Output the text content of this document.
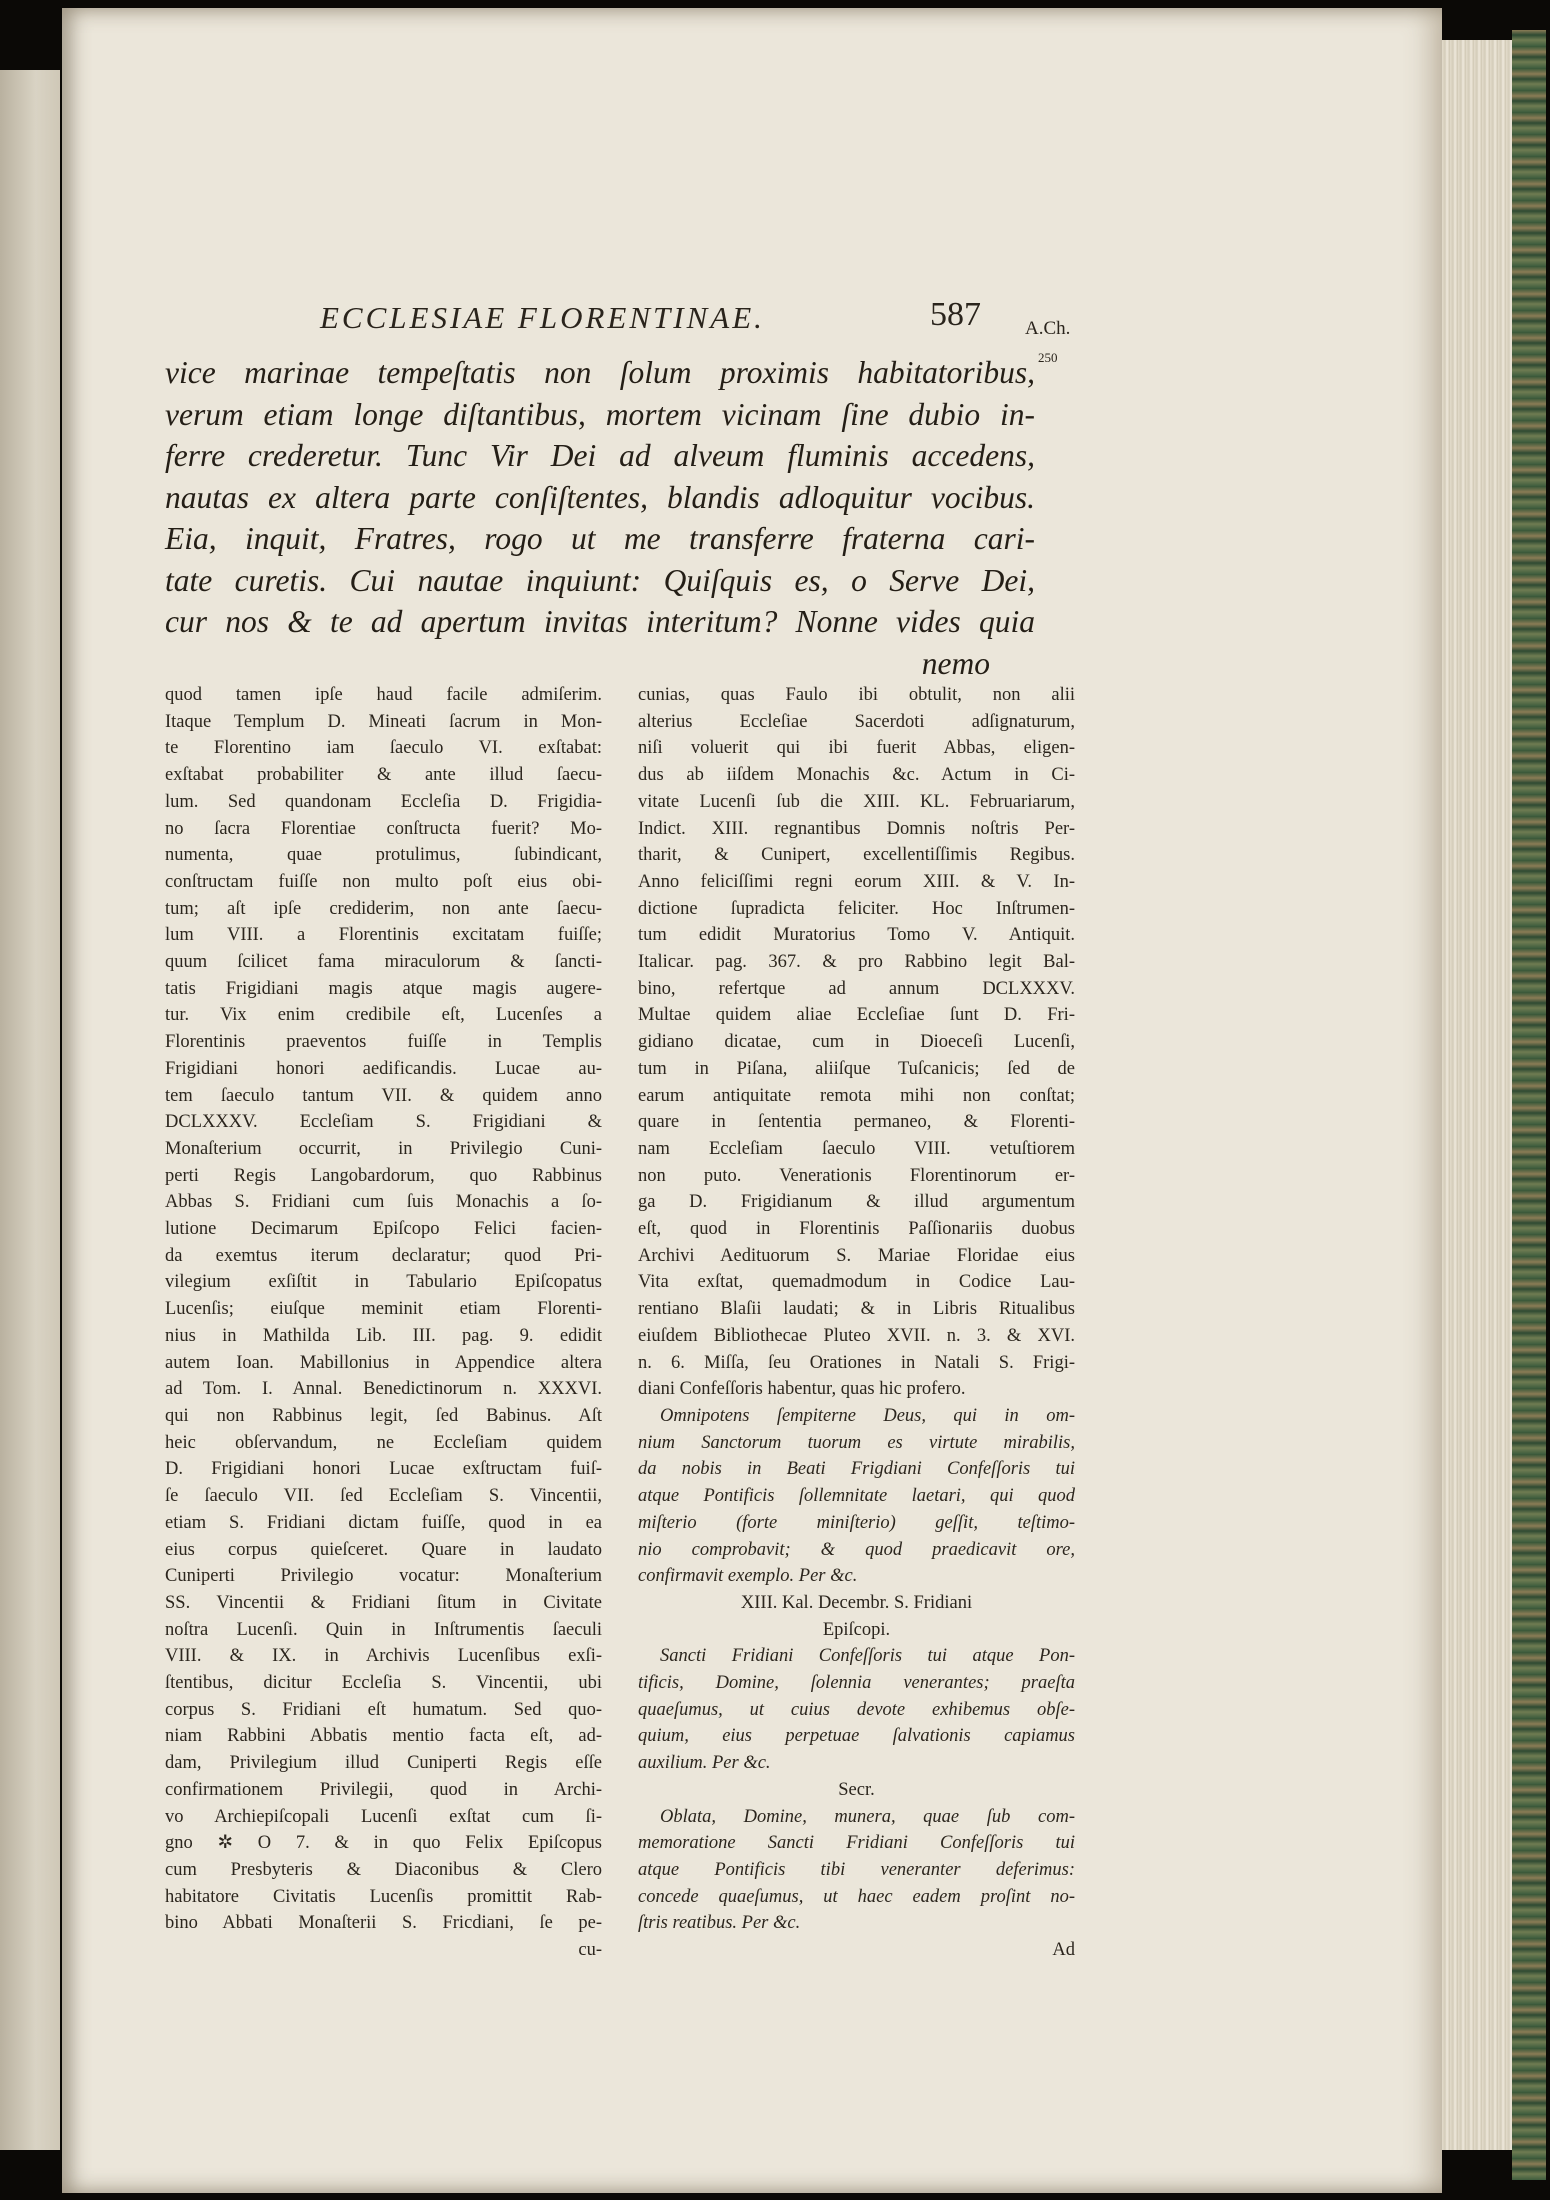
ECCLESIAE FLORENTINAE.	587 A.Ch.
250
vice marinae tempeſtatis non ſolum proximis habitatoribus,
verum etiam longe diſtantibus, mortem vicinam ſine dubio in-
ferre crederetur. Tunc Vir Dei ad alveum fluminis accedens,
nautas ex altera parte conſiſtentes, blandis adloquitur vocibus.
Eia, inquit, Fratres, rogo ut me transferre fraterna cari-
tate curetis. Cui nautae inquiunt: Quiſquis es, o Serve Dei,
cur nos & te ad apertum invitas interitum? Nonne vides quia
nemo
quod tamen ipſe haud facile admiſerim.
Itaque Templum D. Mineati ſacrum in Mon-
te Florentino iam ſaeculo VI. exſtabat:
exſtabat probabiliter & ante illud ſaecu-
lum. Sed quandonam Eccleſia D. Frigidia-
no ſacra Florentiae conſtructa fuerit? Mo-
numenta, quae protulimus, ſubindicant,
conſtructam fuiſſe non multo poſt eius obi-
tum; aſt ipſe crediderim, non ante ſaecu-
lum VIII. a Florentinis excitatam fuiſſe;
quum ſcilicet fama miraculorum & ſancti-
tatis Frigidiani magis atque magis augere-
tur. Vix enim credibile eſt, Lucenſes a
Florentinis praeventos fuiſſe in Templis
Frigidiani honori aedificandis. Lucae au-
tem ſaeculo tantum VII. & quidem anno
DCLXXXV. Eccleſiam S. Frigidiani &
Monaſterium occurrit, in Privilegio Cuni-
perti Regis Langobardorum, quo Rabbinus
Abbas S. Fridiani cum ſuis Monachis a ſo-
lutione Decimarum Epiſcopo Felici facien-
da exemtus iterum declaratur; quod Pri-
vilegium exſiſtit in Tabulario Epiſcopatus
Lucenſis; eiuſque meminit etiam Florenti-
nius in Mathilda Lib. III. pag. 9. edidit
autem Ioan. Mabillonius in Appendice altera
ad Tom. I. Annal. Benedictinorum n. XXXVI.
qui non Rabbinus legit, ſed Babinus. Aſt
heic obſervandum, ne Eccleſiam quidem
D. Frigidiani honori Lucae exſtructam fuiſ-
ſe ſaeculo VII. ſed Eccleſiam S. Vincentii,
etiam S. Fridiani dictam fuiſſe, quod in ea
eius corpus quieſceret. Quare in laudato
Cuniperti Privilegio vocatur: Monaſterium
SS. Vincentii & Fridiani ſitum in Civitate
noſtra Lucenſi. Quin in Inſtrumentis ſaeculi
VIII. & IX. in Archivis Lucenſibus exſi-
ſtentibus, dicitur Eccleſia S. Vincentii, ubi
corpus S. Fridiani eſt humatum. Sed quo-
niam Rabbini Abbatis mentio facta eſt, ad-
dam, Privilegium illud Cuniperti Regis eſſe
confirmationem Privilegii, quod in Archi-
vo Archiepiſcopali Lucenſi exſtat cum ſi-
gno ✲ O 7. & in quo Felix Epiſcopus
cum Presbyteris & Diaconibus & Clero
habitatore Civitatis Lucenſis promittit Rab-
bino Abbati Monaſterii S. Fricdiani, ſe pe-
cu-
cunias, quas Faulo ibi obtulit, non alii
alterius Eccleſiae Sacerdoti adſignaturum,
niſi voluerit qui ibi fuerit Abbas, eligen-
dus ab iiſdem Monachis &c. Actum in Ci-
vitate Lucenſi ſub die XIII. KL. Februariarum,
Indict. XIII. regnantibus Domnis noſtris Per-
tharit, & Cunipert, excellentiſſimis Regibus.
Anno feliciſſimi regni eorum XIII. & V. In-
dictione ſupradicta feliciter. Hoc Inſtrumen-
tum edidit Muratorius Tomo V. Antiquit.
Italicar. pag. 367. & pro Rabbino legit Bal-
bino, refertque ad annum DCLXXXV.
Multae quidem aliae Eccleſiae ſunt D. Fri-
gidiano dicatae, cum in Dioeceſi Lucenſi,
tum in Piſana, aliiſque Tuſcanicis; ſed de
earum antiquitate remota mihi non conſtat;
quare in ſententia permaneo, & Florenti-
nam Eccleſiam ſaeculo VIII. vetuſtiorem
non puto. Venerationis Florentinorum er-
ga D. Frigidianum & illud argumentum
eſt, quod in Florentinis Paſſionariis duobus
Archivi Aedituorum S. Mariae Floridae eius
Vita exſtat, quemadmodum in Codice Lau-
rentiano Blaſii laudati; & in Libris Ritualibus
eiuſdem Bibliothecae Pluteo XVII. n. 3. & XVI.
n. 6. Miſſa, ſeu Orationes in Natali S. Frigi-
diani Confeſſoris habentur, quas hic profero.
Omnipotens ſempiterne Deus, qui in om-
nium Sanctorum tuorum es virtute mirabilis,
da nobis in Beati Frigdiani Confeſſoris tui
atque Pontificis ſollemnitate laetari, qui quod
miſterio (forte miniſterio) geſſit, teſtimo-
nio comprobavit; & quod praedicavit ore,
confirmavit exemplo. Per &c.
XIII. Kal. Decembr. S. Fridiani
Epiſcopi.
Sancti Fridiani Confeſſoris tui atque Pon-
tificis, Domine, ſolennia venerantes; praeſta
quaeſumus, ut cuius devote exhibemus obſe-
quium, eius perpetuae ſalvationis capiamus
auxilium. Per &c.
Secr.
Oblata, Domine, munera, quae ſub com-
memoratione Sancti Fridiani Confeſſoris tui
atque Pontificis tibi veneranter deferimus:
concede quaeſumus, ut haec eadem proſint no-
ſtris reatibus. Per &c.
Ad
